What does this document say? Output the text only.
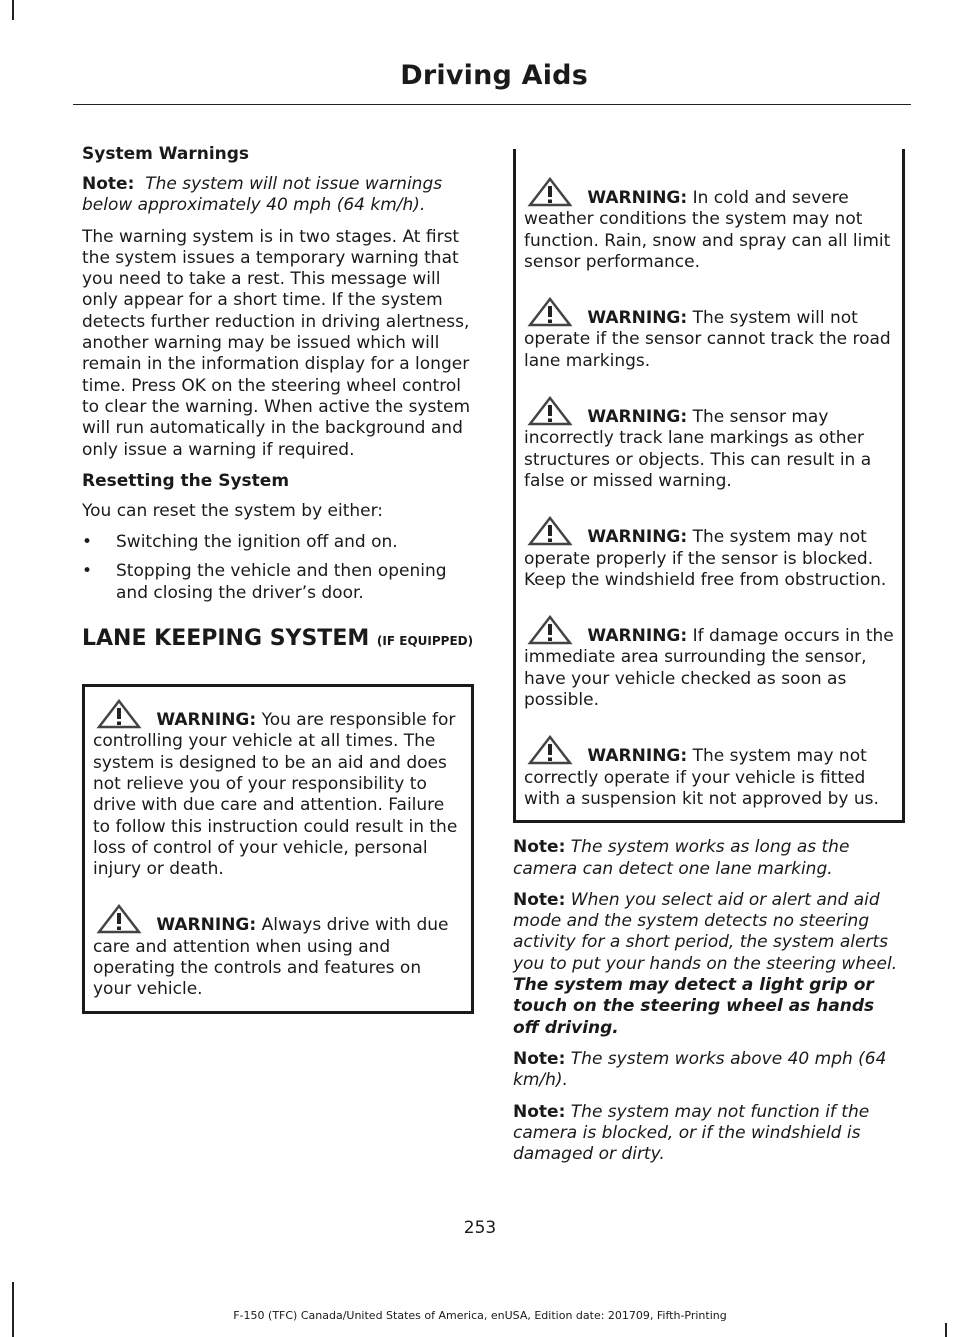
Driving Aids
System Warnings

Note: The system will not issue warnings below approximately 40 mph (64 km/h).

The warning system is in two stages. At first the system issues a temporary warning that you need to take a rest. This message will only appear for a short time. If the system detects further reduction in driving alertness, another warning may be issued which will remain in the information display for a longer time. Press OK on the steering wheel control to clear the warning. When active the system will run automatically in the background and only issue a warning if required.

Resetting the System

You can reset the system by either:

• Switching the ignition off and on.
• Stopping the vehicle and then opening and closing the driver’s door.
LANE KEEPING SYSTEM (IF EQUIPPED)
WARNING: You are responsible for controlling your vehicle at all times. The system is designed to be an aid and does not relieve you of your responsibility to drive with due care and attention. Failure to follow this instruction could result in the loss of control of your vehicle, personal injury or death.
WARNING: Always drive with due care and attention when using and operating the controls and features on your vehicle.
WARNING: In cold and severe weather conditions the system may not function. Rain, snow and spray can all limit sensor performance.
WARNING: The system will not operate if the sensor cannot track the road lane markings.
WARNING: The sensor may incorrectly track lane markings as other structures or objects. This can result in a false or missed warning.
WARNING: The system may not operate properly if the sensor is blocked. Keep the windshield free from obstruction.
WARNING: If damage occurs in the immediate area surrounding the sensor, have your vehicle checked as soon as possible.
WARNING: The system may not correctly operate if your vehicle is fitted with a suspension kit not approved by us.

Note: The system works as long as the camera can detect one lane marking.

Note: When you select aid or alert and aid mode and the system detects no steering activity for a short period, the system alerts you to put your hands on the steering wheel. The system may detect a light grip or touch on the steering wheel as hands off driving.

Note: The system works above 40 mph (64 km/h).

Note: The system may not function if the camera is blocked, or if the windshield is damaged or dirty.

253
F-150 (TFC) Canada/United States of America, enUSA, Edition date: 201709, Fifth-Printing
